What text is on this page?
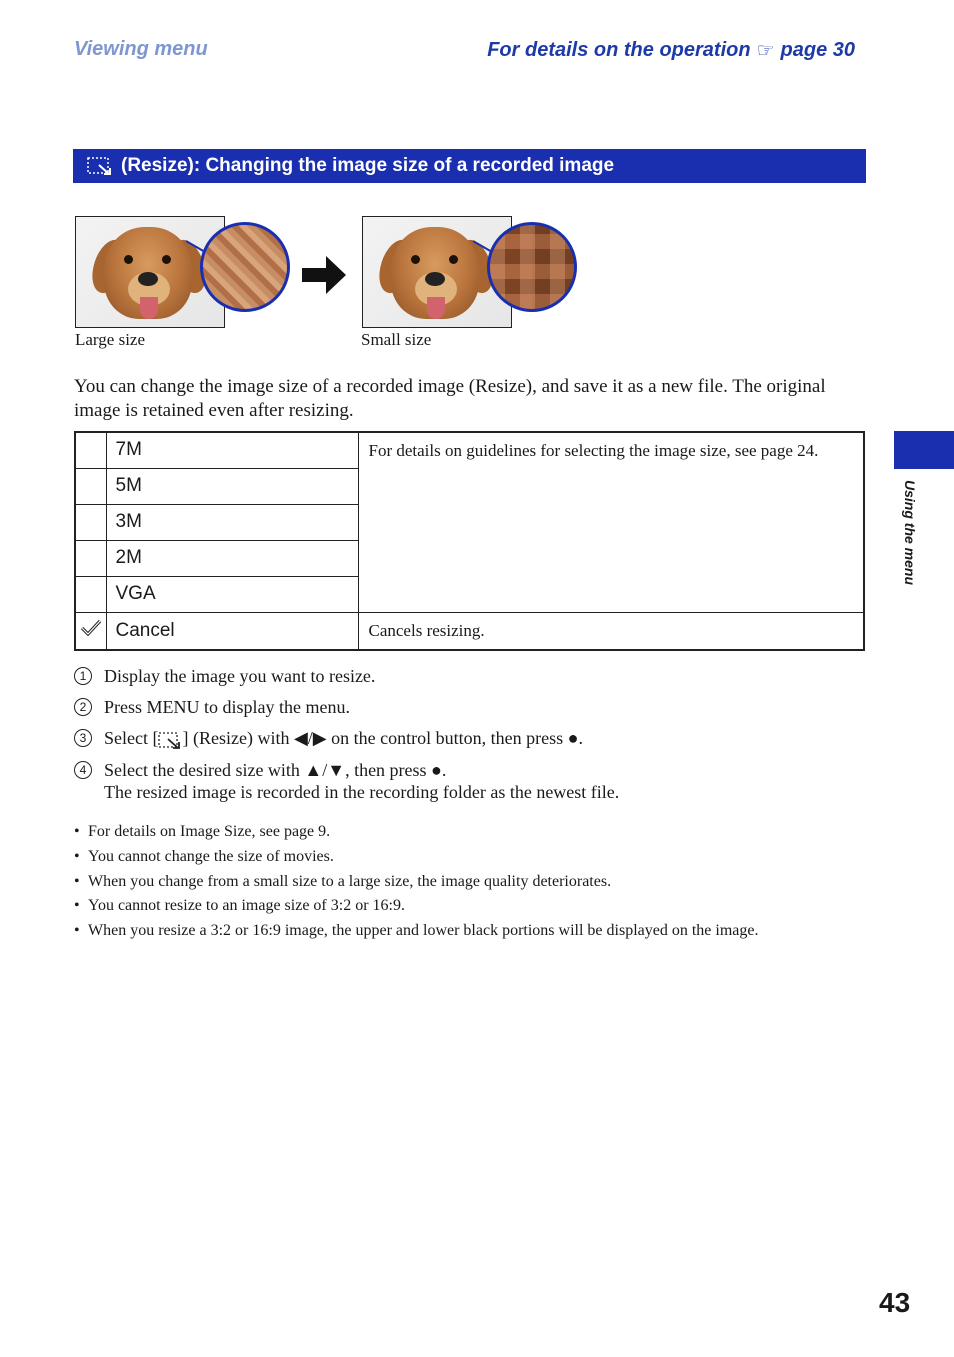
Viewing menu	For details on the operation ☞ page 30
(Resize): Changing the image size of a recorded image
Large size	Small size

You can change the image size of a recorded image (Resize), and save it as a new file. The original image is retained even after resizing.

	7M	For details on guidelines for selecting the image size, see page 24.
	5M	
	3M	
	2M	
	VGA	
	Cancel	Cancels resizing.
1 Display the image you want to resize.
2 Press MENU to display the menu.
3 Select [ ] (Resize) with ◀/▶ on the control button, then press ●.
4 Select the desired size with ▲/▼, then press ●.
The resized image is recorded in the recording folder as the newest file.
• For details on Image Size, see page 9.
• You cannot change the size of movies.
• When you change from a small size to a large size, the image quality deteriorates.
• You cannot resize to an image size of 3:2 or 16:9.
• When you resize a 3:2 or 16:9 image, the upper and lower black portions will be displayed on the image.
Using the menu
43
